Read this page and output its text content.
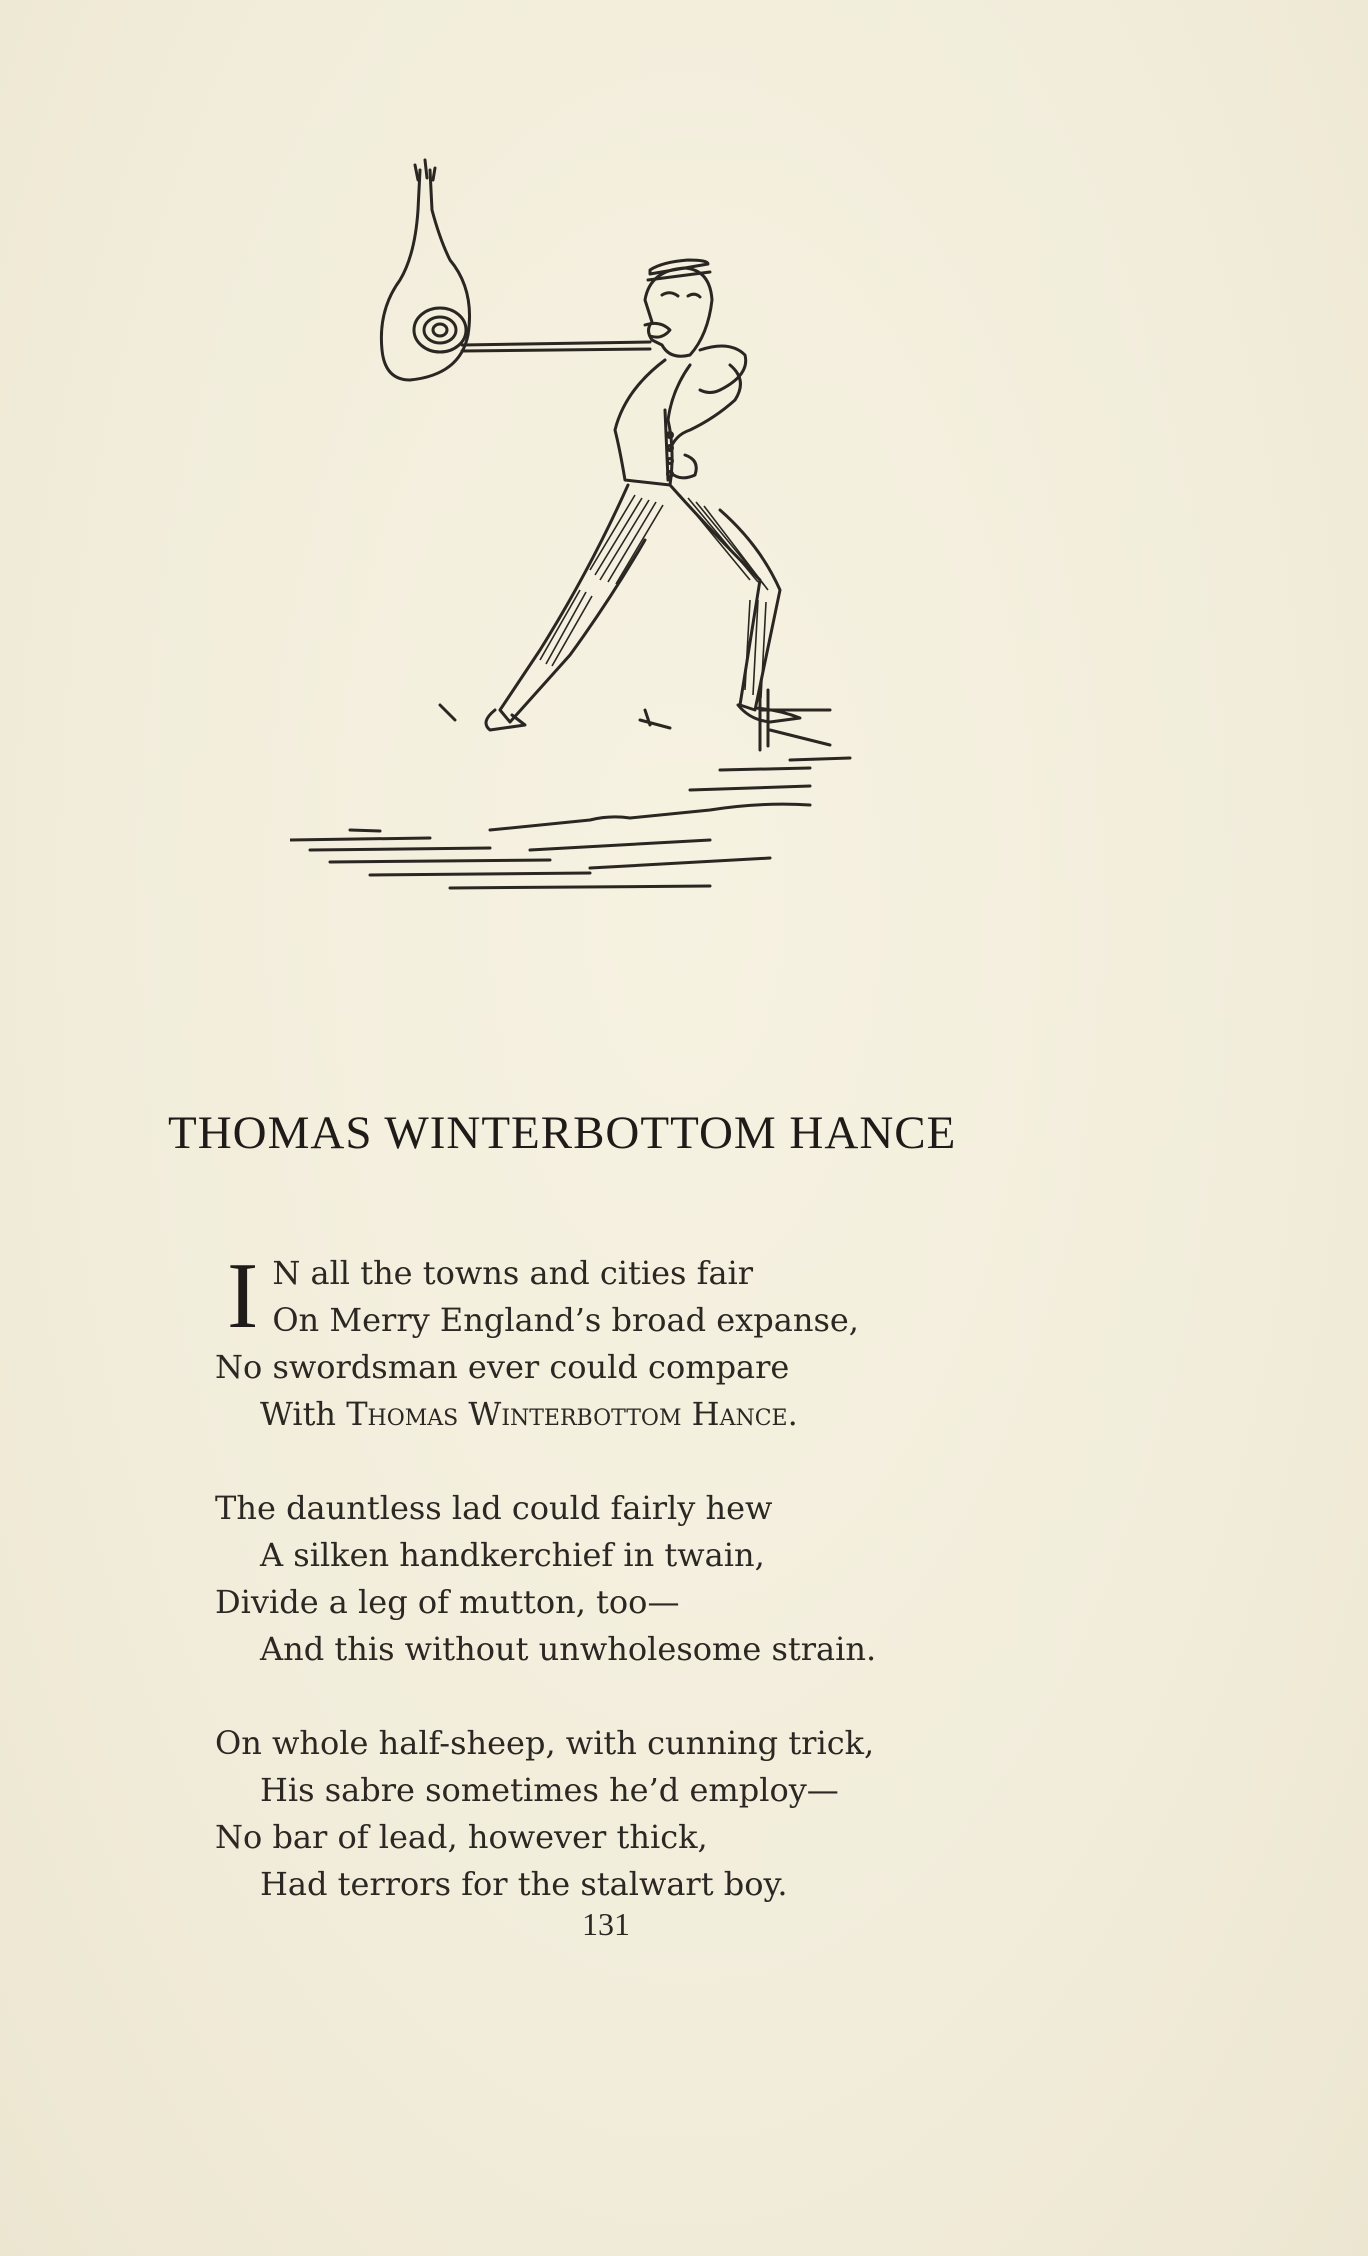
THOMAS WINTERBOTTOM HANCE
I N all the towns and cities fair
On Merry England’s broad expanse,
No swordsman ever could compare
With Thomas Winterbottom Hance.
The dauntless lad could fairly hew
A silken handkerchief in twain,
Divide a leg of mutton, too—
And this without unwholesome strain.
On whole half-sheep, with cunning trick,
His sabre sometimes he’d employ—
No bar of lead, however thick,
Had terrors for the stalwart boy.
131
